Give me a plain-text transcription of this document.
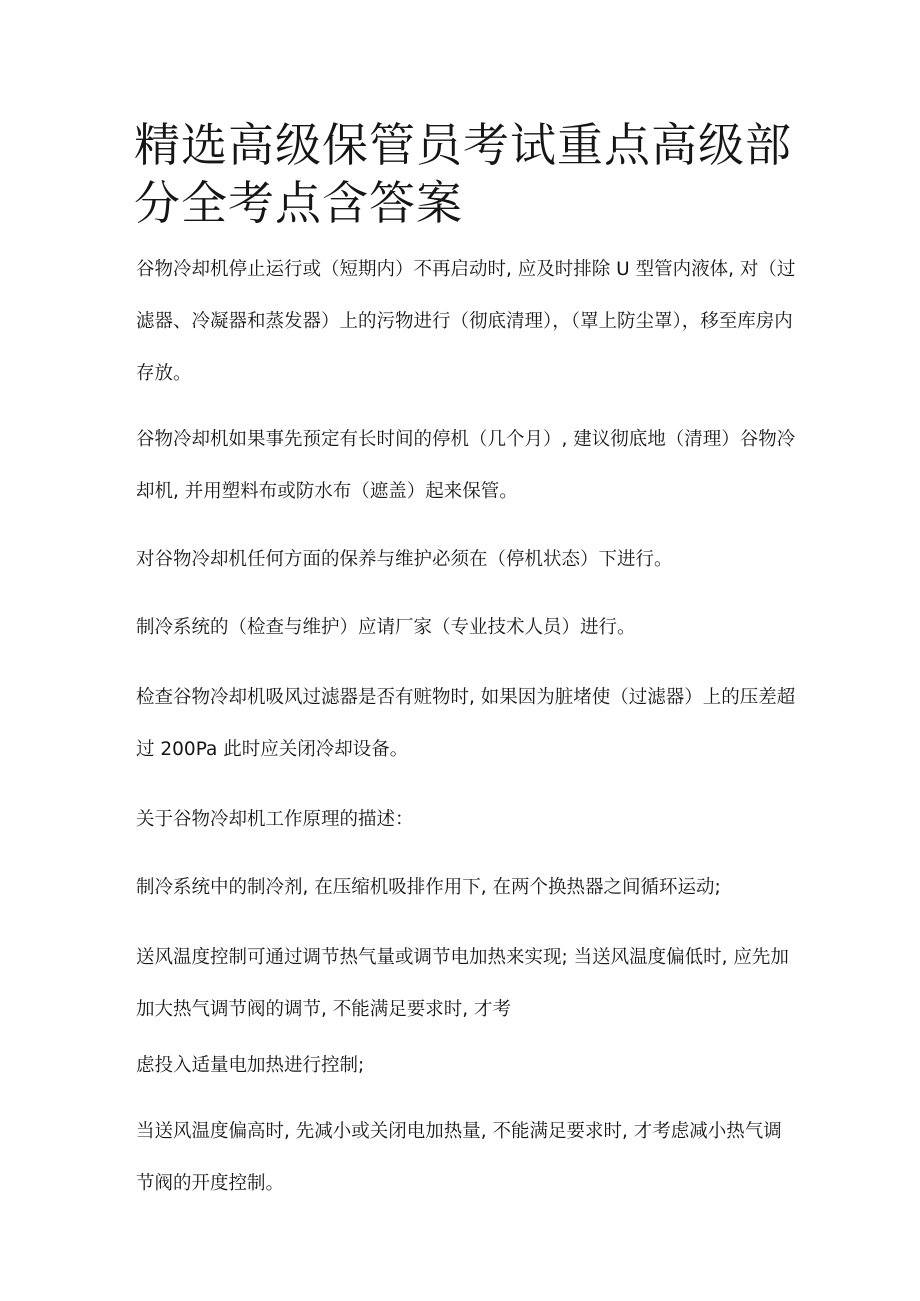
精选高级保管员考试重点高级部分全考点含答案

谷物冷却机停止运行或（短期内）不再启动时, 应及时排除 U 型管内液体, 对（过滤器、冷凝器和蒸发器）上的污物进行（彻底清理），（罩上防尘罩），移至库房内存放。

谷物冷却机如果事先预定有长时间的停机（几个月）, 建议彻底地（清理）谷物冷却机, 并用塑料布或防水布（遮盖）起来保管。

对谷物冷却机任何方面的保养与维护必须在（停机状态）下进行。

制冷系统的（检查与维护）应请厂家（专业技术人员）进行。

检查谷物冷却机吸风过滤器是否有赃物时, 如果因为脏堵使（过滤器）上的压差超过 200Pa 此时应关闭冷却设备。

关于谷物冷却机工作原理的描述：

制冷系统中的制冷剂, 在压缩机吸排作用下, 在两个换热器之间循环运动;

送风温度控制可通过调节热气量或调节电加热来实现; 当送风温度偏低时, 应先加加大热气调节阀的调节, 不能满足要求时, 才考

虑投入适量电加热进行控制;

当送风温度偏高时, 先减小或关闭电加热量, 不能满足要求时, 才考虑减小热气调节阀的开度控制。
